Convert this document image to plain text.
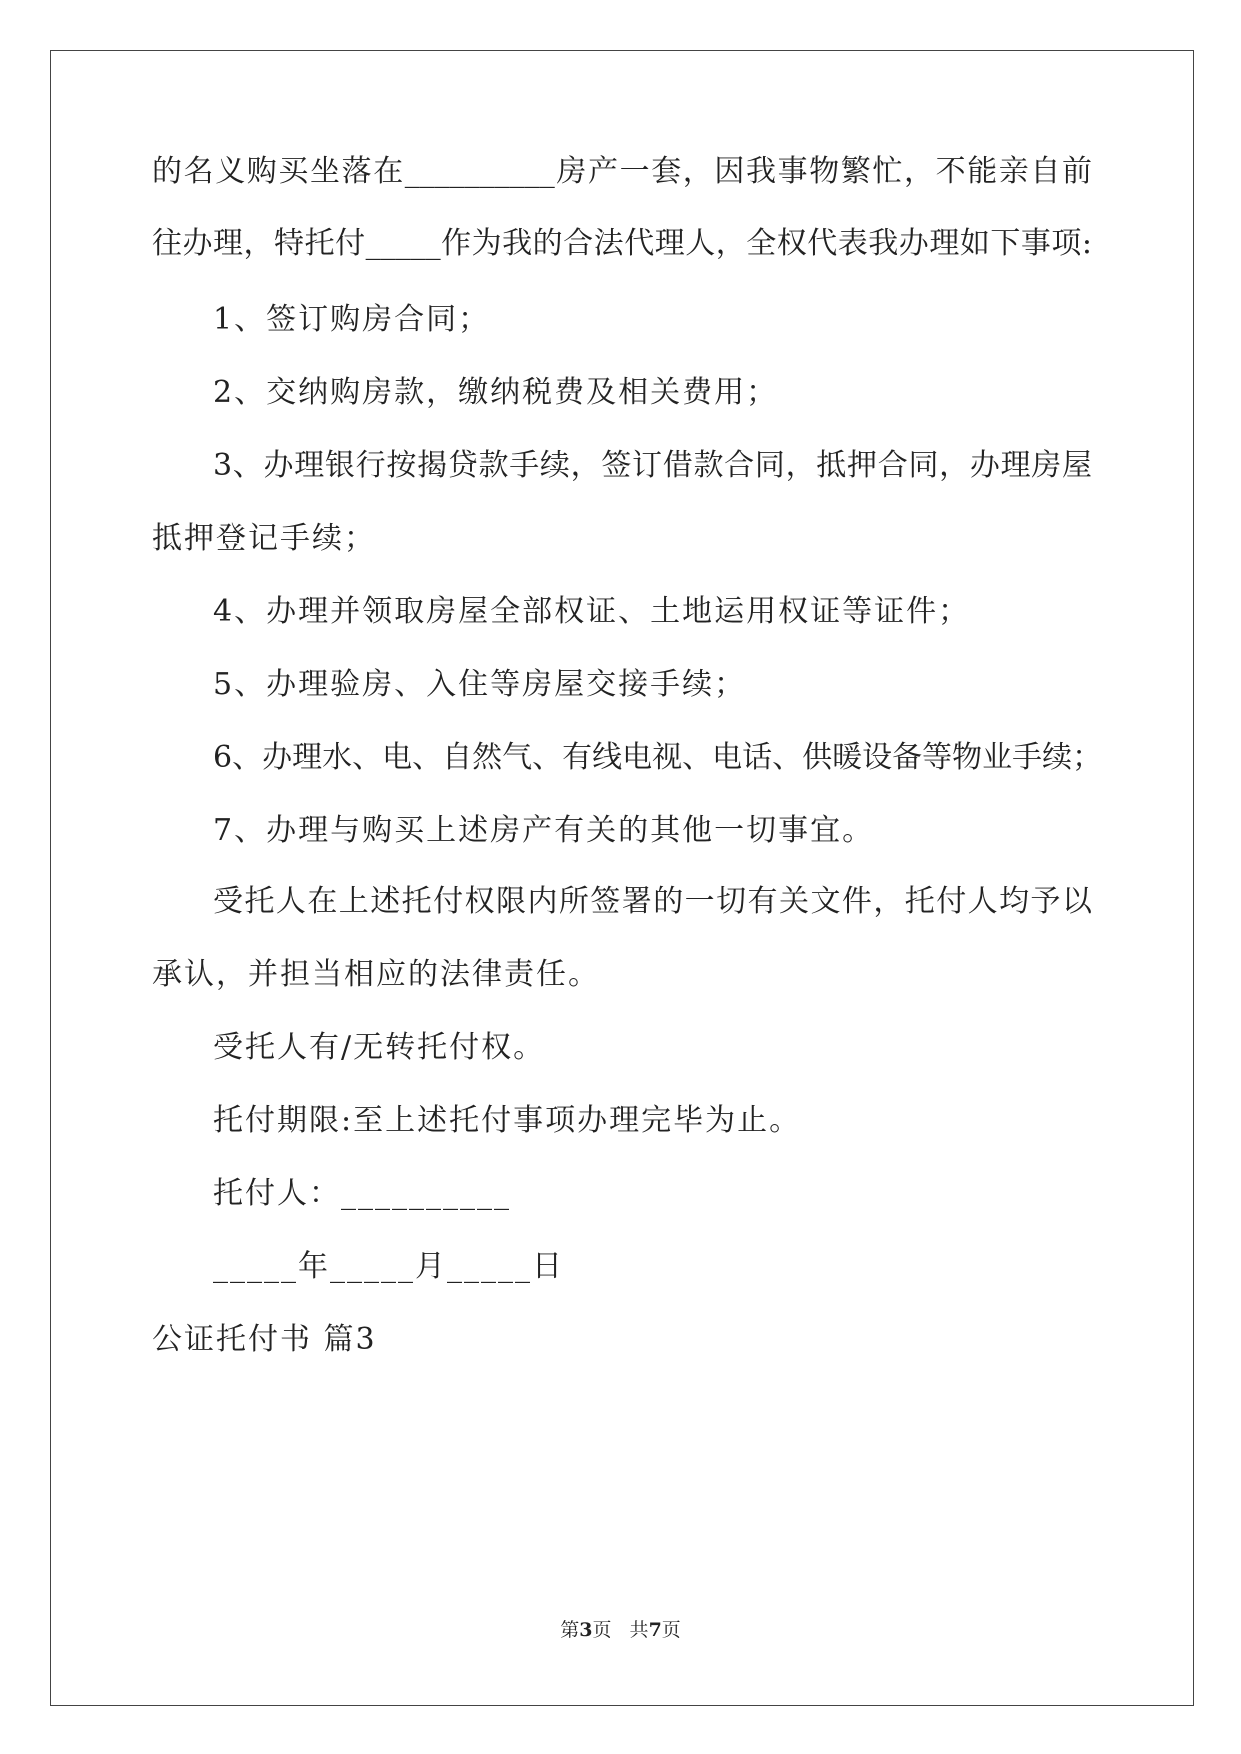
的名义购买坐落在__________房产一套，因我事物繁忙，不能亲自前
往办理，特托付_____作为我的合法代理人，全权代表我办理如下事项:
1、签订购房合同；
2、交纳购房款，缴纳税费及相关费用；
3、办理银行按揭贷款手续，签订借款合同，抵押合同，办理房屋
抵押登记手续；
4、办理并领取房屋全部权证、土地运用权证等证件；
5、办理验房、入住等房屋交接手续；
6、办理水、电、自然气、有线电视、电话、供暖设备等物业手续；
7、办理与购买上述房产有关的其他一切事宜。
受托人在上述托付权限内所签署的一切有关文件，托付人均予以
承认，并担当相应的法律责任。
受托人有/无转托付权。
托付期限:至上述托付事项办理完毕为止。
托付人：__________
_____年_____月_____日
公证托付书 篇3
第3页   共7页
